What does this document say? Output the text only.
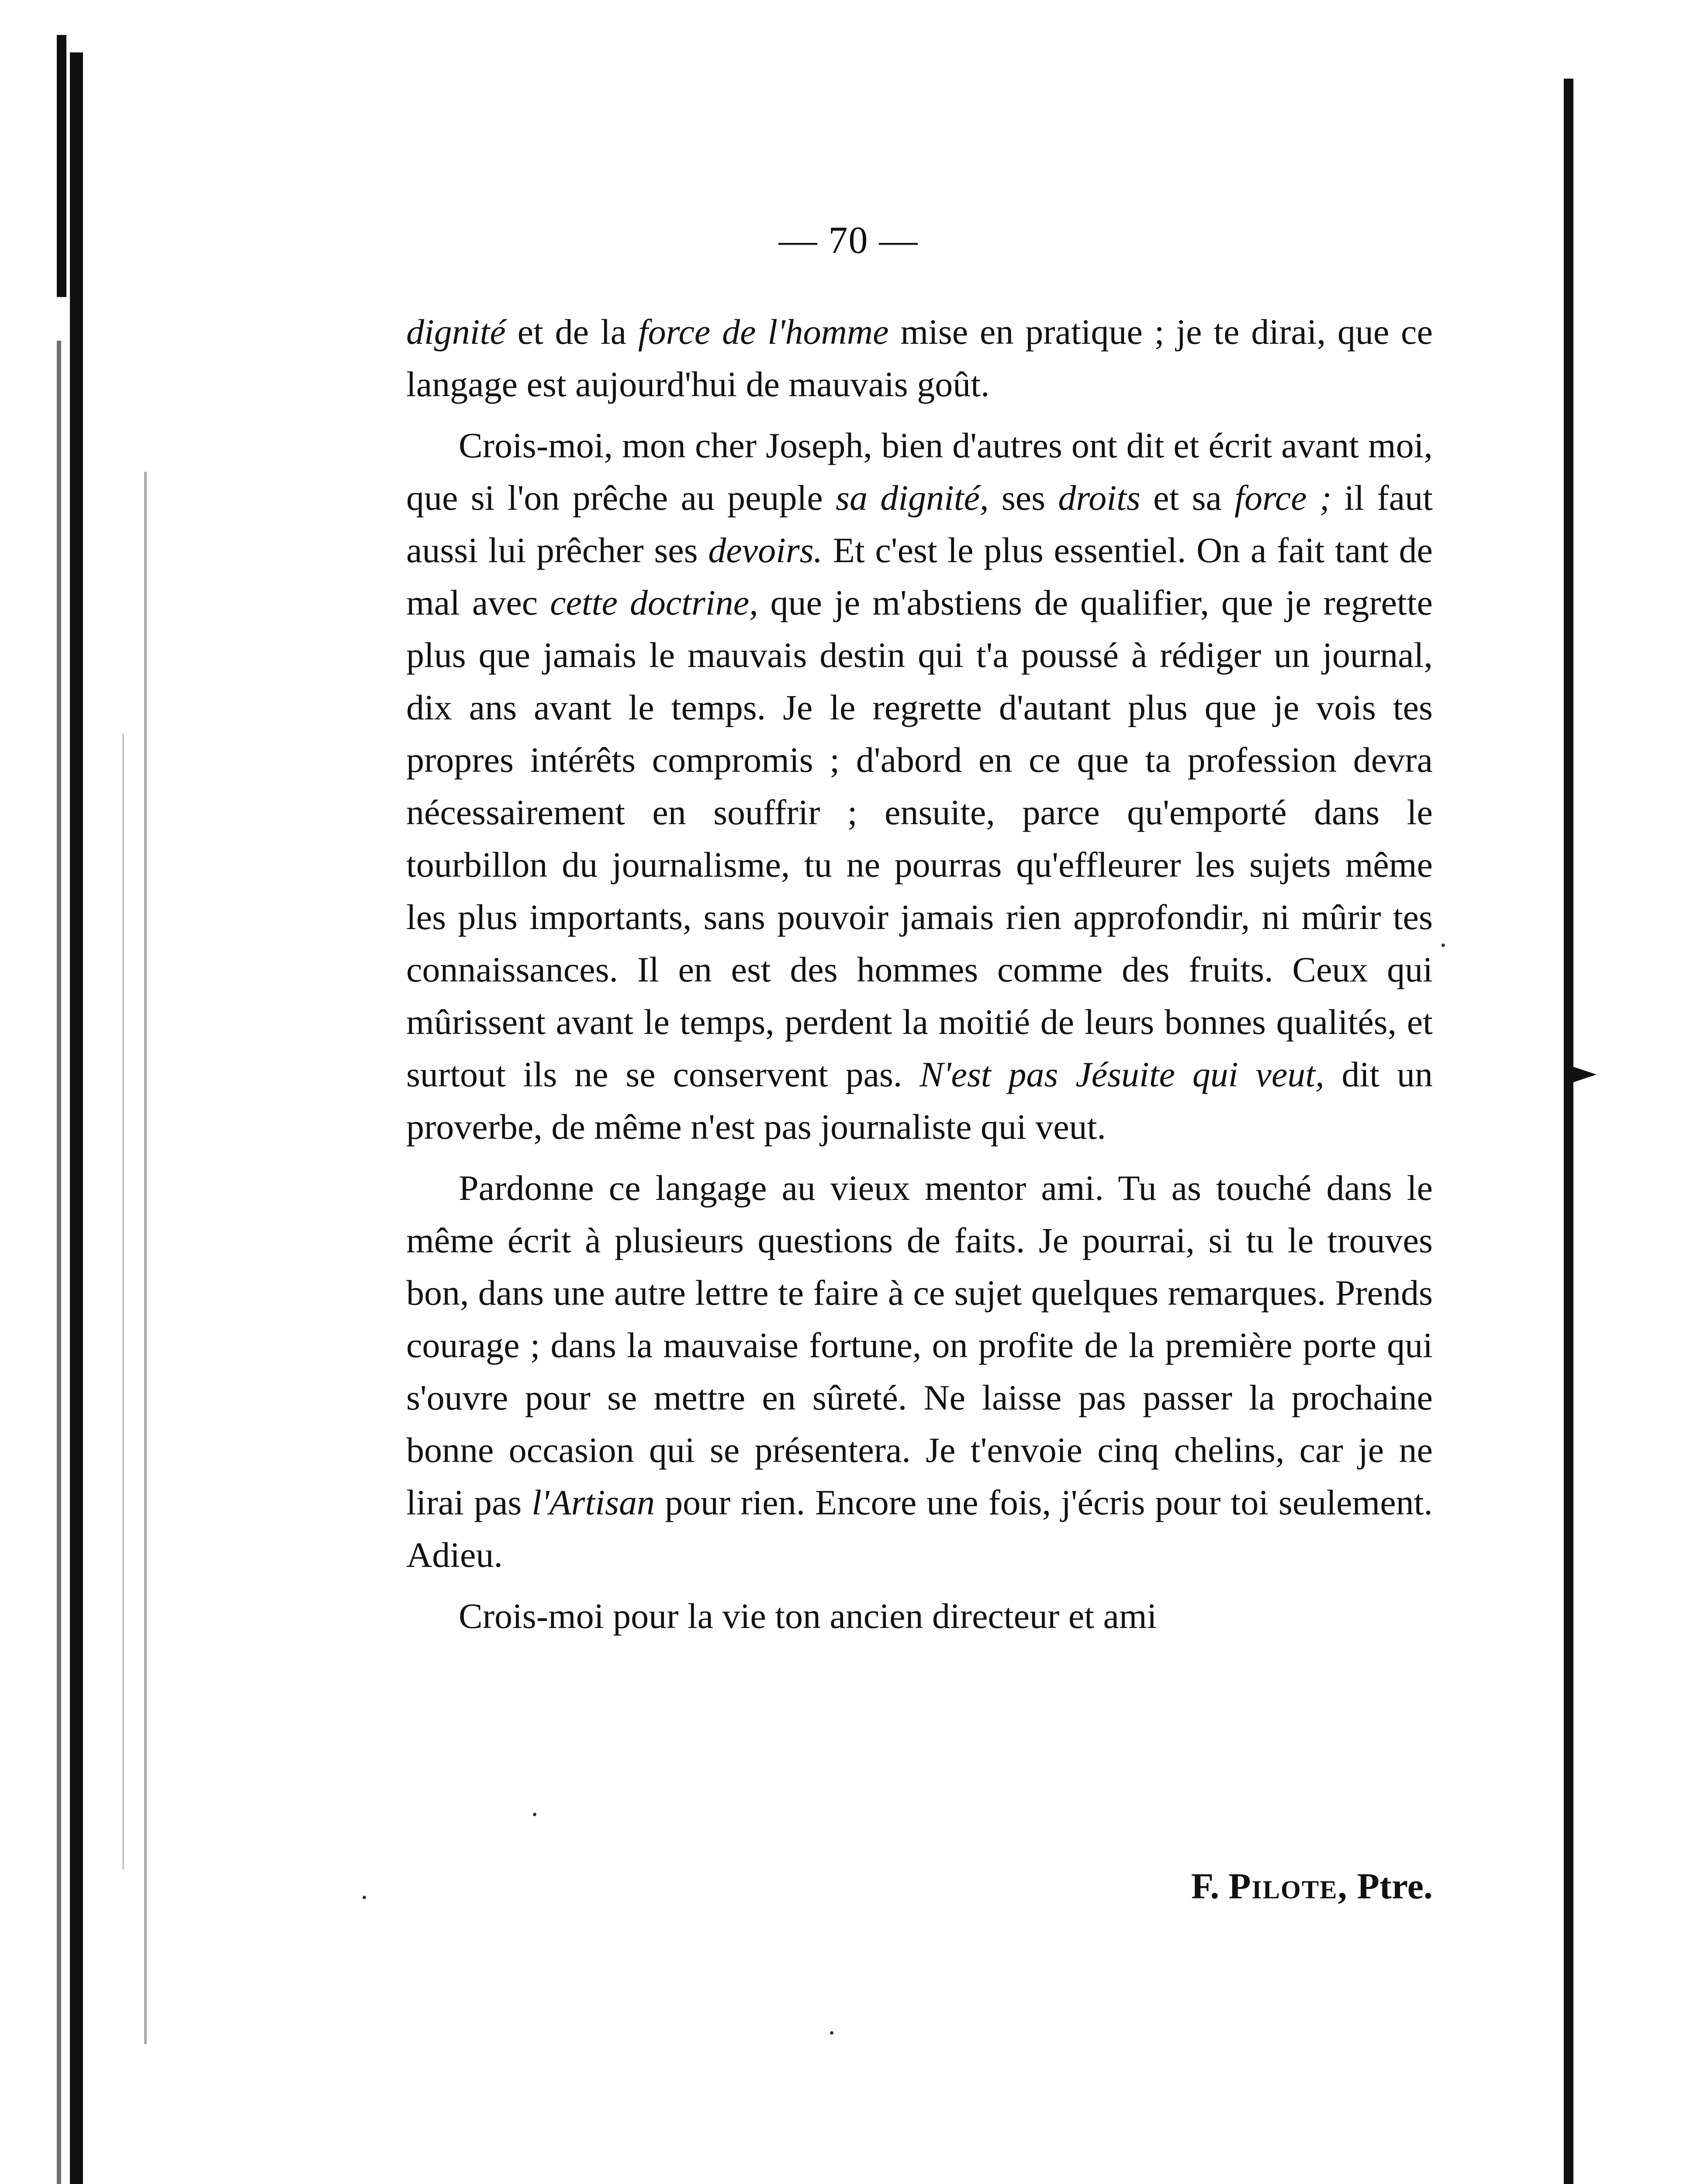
— 70 —

dignité et de la force de l'homme mise en pratique ; je te dirai, que ce langage est aujourd'hui de mauvais goût.

Crois-moi, mon cher Joseph, bien d'autres ont dit et écrit avant moi, que si l'on prêche au peuple sa dignité, ses droits et sa force ; il faut aussi lui prêcher ses devoirs. Et c'est le plus essentiel. On a fait tant de mal avec cette doctrine, que je m'abstiens de qualifier, que je regrette plus que jamais le mauvais destin qui t'a poussé à rédiger un journal, dix ans avant le temps. Je le regrette d'autant plus que je vois tes propres intérêts compromis ; d'abord en ce que ta profession devra nécessairement en souffrir ; ensuite, parce qu'emporté dans le tourbillon du journalisme, tu ne pourras qu'effleurer les sujets même les plus importants, sans pouvoir jamais rien approfondir, ni mûrir tes connaissances. Il en est des hommes comme des fruits. Ceux qui mûrissent avant le temps, perdent la moitié de leurs bonnes qualités, et surtout ils ne se conservent pas. N'est pas Jésuite qui veut, dit un proverbe, de même n'est pas journaliste qui veut.

Pardonne ce langage au vieux mentor ami. Tu as touché dans le même écrit à plusieurs questions de faits. Je pourrai, si tu le trouves bon, dans une autre lettre te faire à ce sujet quelques remarques. Prends courage ; dans la mauvaise fortune, on profite de la première porte qui s'ouvre pour se mettre en sûreté. Ne laisse pas passer la prochaine bonne occasion qui se présentera. Je t'envoie cinq chelins, car je ne lirai pas l'Artisan pour rien. Encore une fois, j'écris pour toi seulement. Adieu.

Crois-moi pour la vie ton ancien directeur et ami

F. Pilote, Ptre.
